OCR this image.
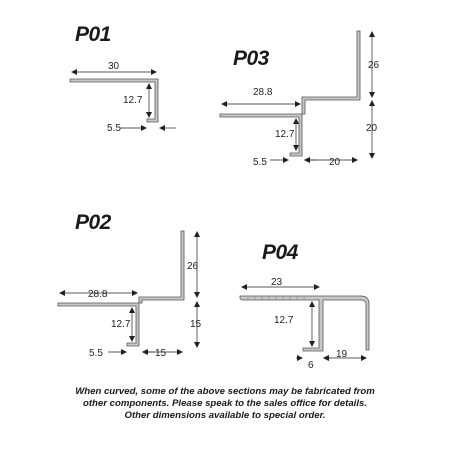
P01
P03
P02
P04
30
12.7
5.5
28.8
12.7
5.5	20
26
20
28.8
12.7
5.5	15
26
15
23
12.7
6
19
When curved, some of the above sections may be fabricated from
other components. Please speak to the sales office for details.
Other dimensions available to special order.
